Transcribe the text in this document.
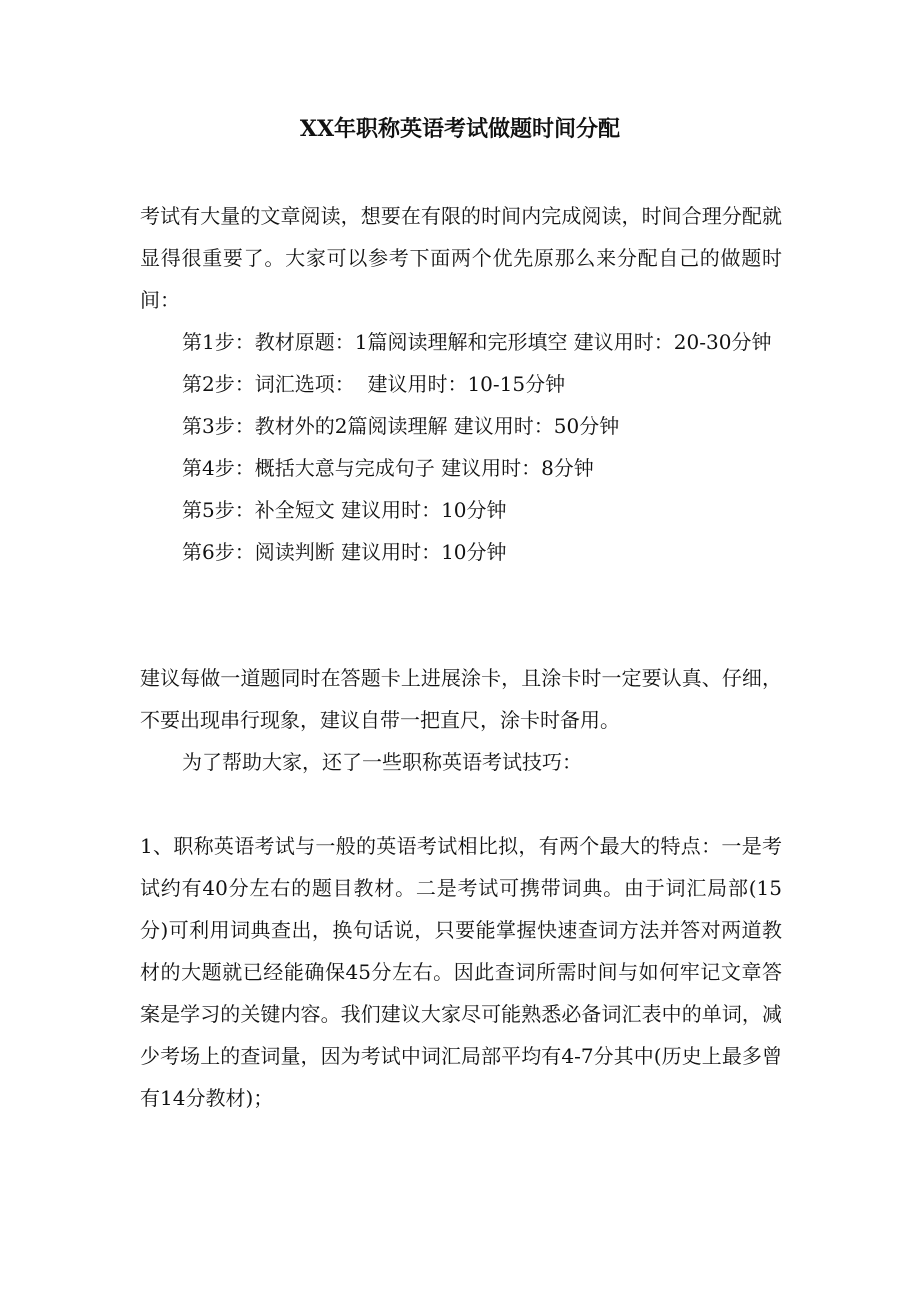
XX年职称英语考试做题时间分配

考试有大量的文章阅读，想要在有限的时间内完成阅读，时间合理分配就显得很重要了。大家可以参考下面两个优先原那么来分配自己的做题时间：

第1步：教材原题：1篇阅读理解和完形填空 建议用时：20-30分钟

第2步：词汇选项：  建议用时：10-15分钟

第3步：教材外的2篇阅读理解 建议用时：50分钟

第4步：概括大意与完成句子 建议用时：8分钟

第5步：补全短文 建议用时：10分钟

第6步：阅读判断 建议用时：10分钟

建议每做一道题同时在答题卡上进展涂卡，且涂卡时一定要认真、仔细，不要出现串行现象，建议自带一把直尺，涂卡时备用。

为了帮助大家，还了一些职称英语考试技巧：

1、职称英语考试与一般的英语考试相比拟，有两个最大的特点：一是考试约有40分左右的题目教材。二是考试可携带词典。由于词汇局部(15分)可利用词典查出，换句话说，只要能掌握快速查词方法并答对两道教材的大题就已经能确保45分左右。因此查词所需时间与如何牢记文章答案是学习的关键内容。我们建议大家尽可能熟悉必备词汇表中的单词，减少考场上的查词量，因为考试中词汇局部平均有4-7分其中(历史上最多曾有14分教材)；
